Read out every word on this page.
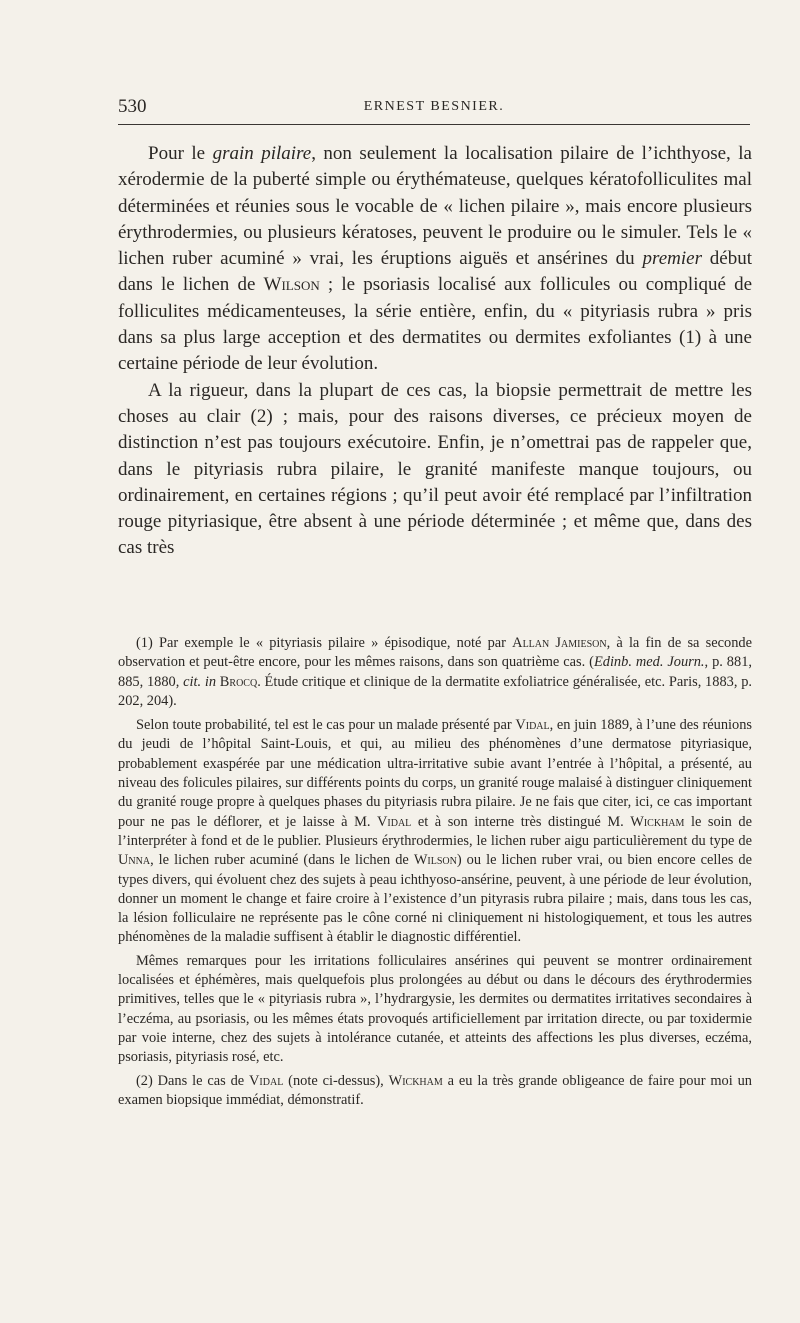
530	ERNEST BESNIER.

Pour le grain pilaire, non seulement la localisation pilaire de l’ichthyose, la xérodermie de la puberté simple ou érythémateuse, quelques kératofolliculites mal déterminées et réunies sous le vocable de « lichen pilaire », mais encore plusieurs érythrodermies, ou plusieurs kératoses, peuvent le produire ou le simuler. Tels le « lichen ruber acuminé » vrai, les éruptions aiguës et ansérines du premier début dans le lichen de Wilson ; le psoriasis localisé aux follicules ou compliqué de folliculites médicamenteuses, la série entière, enfin, du « pityriasis rubra » pris dans sa plus large acception et des dermatites ou dermites exfoliantes (1) à une certaine période de leur évolution.

A la rigueur, dans la plupart de ces cas, la biopsie permettrait de mettre les choses au clair (2) ; mais, pour des raisons diverses, ce précieux moyen de distinction n’est pas toujours exécutoire. Enfin, je n’omettrai pas de rappeler que, dans le pityriasis rubra pilaire, le granité manifeste manque toujours, ou ordinairement, en certaines régions ; qu’il peut avoir été remplacé par l’infiltration rouge pityriasique, être absent à une période déterminée ; et même que, dans des cas très

(1) Par exemple le « pityriasis pilaire » épisodique, noté par Allan Jamieson, à la fin de sa seconde observation et peut-être encore, pour les mêmes raisons, dans son quatrième cas. (Edinb. med. Journ., p. 881, 885, 1880, cit. in Brocq. Étude critique et clinique de la dermatite exfoliatrice généralisée, etc. Paris, 1883, p. 202, 204).

Selon toute probabilité, tel est le cas pour un malade présenté par Vidal, en juin 1889, à l’une des réunions du jeudi de l’hôpital Saint-Louis, et qui, au milieu des phénomènes d’une dermatose pityriasique, probablement exaspérée par une médication ultra-irritative subie avant l’entrée à l’hôpital, a présenté, au niveau des folicules pilaires, sur différents points du corps, un granité rouge malaisé à distinguer cliniquement du granité rouge propre à quelques phases du pityriasis rubra pilaire. Je ne fais que citer, ici, ce cas important pour ne pas le déflorer, et je laisse à M. Vidal et à son interne très distingué M. Wickham le soin de l’interpréter à fond et de le publier. Plusieurs érythrodermies, le lichen ruber aigu particulièrement du type de Unna, le lichen ruber acuminé (dans le lichen de Wilson) ou le lichen ruber vrai, ou bien encore celles de types divers, qui évoluent chez des sujets à peau ichthyoso-ansérine, peuvent, à une période de leur évolution, donner un moment le change et faire croire à l’existence d’un pityrasis rubra pilaire ; mais, dans tous les cas, la lésion folliculaire ne représente pas le cône corné ni cliniquement ni histologiquement, et tous les autres phénomènes de la maladie suffisent à établir le diagnostic différentiel.

Mêmes remarques pour les irritations folliculaires ansérines qui peuvent se montrer ordinairement localisées et éphémères, mais quelquefois plus prolongées au début ou dans le décours des érythrodermies primitives, telles que le « pityriasis rubra », l’hydrargysie, les dermites ou dermatites irritatives secondaires à l’eczéma, au psoriasis, ou les mêmes états provoqués artificiellement par irritation directe, ou par toxidermie par voie interne, chez des sujets à intolérance cutanée, et atteints des affections les plus diverses, eczéma, psoriasis, pityriasis rosé, etc.

(2) Dans le cas de Vidal (note ci-dessus), Wickham a eu la très grande obligeance de faire pour moi un examen biopsique immédiat, démonstratif.
